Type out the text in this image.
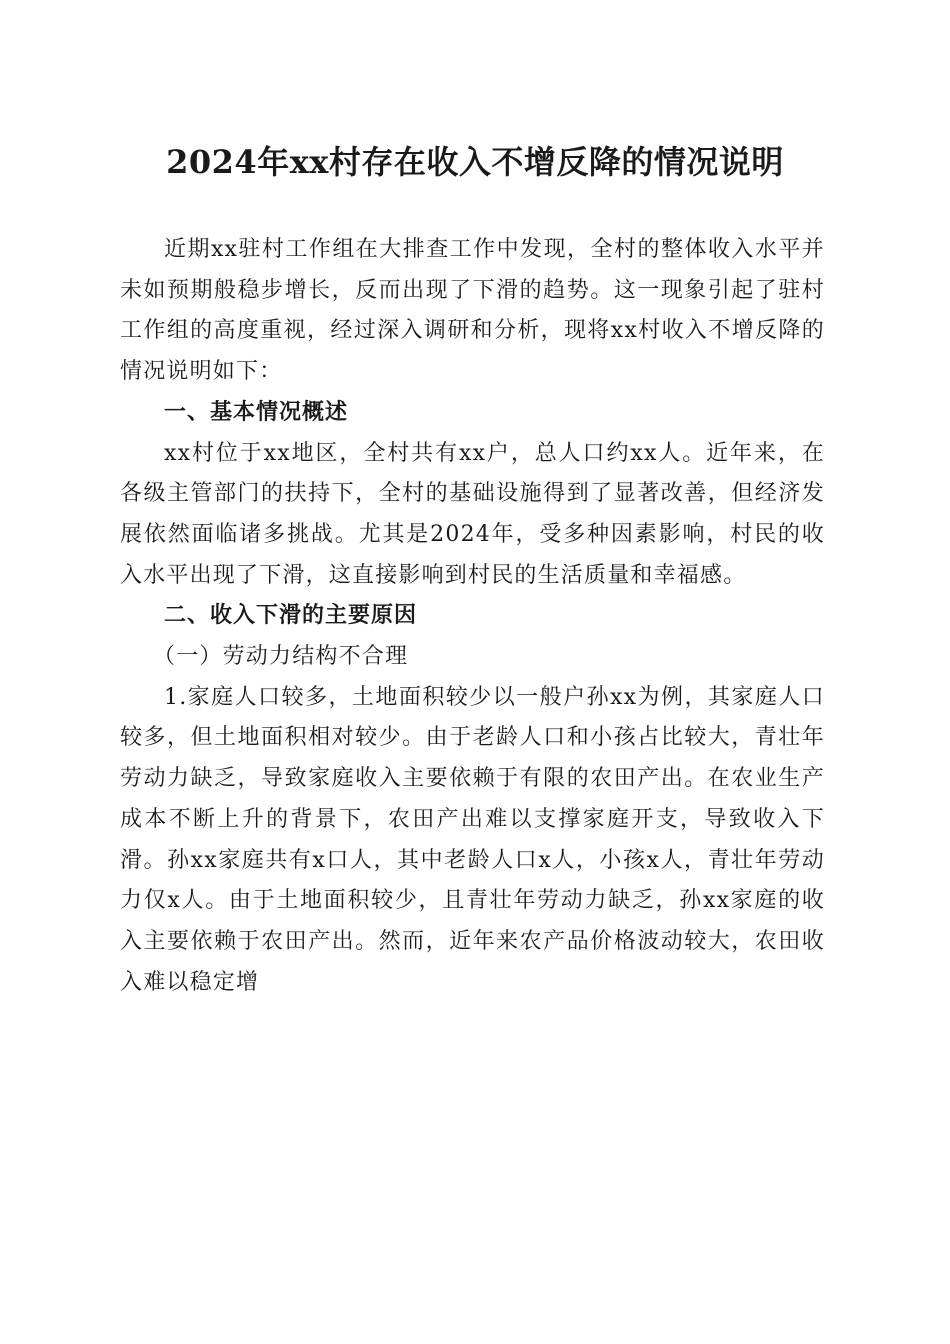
2024年xx村存在收入不增反降的情况说明

近期xx驻村工作组在大排查工作中发现，全村的整体收入水平并未如预期般稳步增长，反而出现了下滑的趋势。这一现象引起了驻村工作组的高度重视，经过深入调研和分析，现将xx村收入不增反降的情况说明如下：

一、基本情况概述

xx村位于xx地区，全村共有xx户，总人口约xx人。近年来，在各级主管部门的扶持下，全村的基础设施得到了显著改善，但经济发展依然面临诸多挑战。尤其是2024年，受多种因素影响，村民的收入水平出现了下滑，这直接影响到村民的生活质量和幸福感。

二、收入下滑的主要原因

（一）劳动力结构不合理

1.家庭人口较多，土地面积较少以一般户孙xx为例，其家庭人口较多，但土地面积相对较少。由于老龄人口和小孩占比较大，青壮年劳动力缺乏，导致家庭收入主要依赖于有限的农田产出。在农业生产成本不断上升的背景下，农田产出难以支撑家庭开支，导致收入下滑。孙xx家庭共有x口人，其中老龄人口x人，小孩x人，青壮年劳动力仅x人。由于土地面积较少，且青壮年劳动力缺乏，孙xx家庭的收入主要依赖于农田产出。然而，近年来农产品价格波动较大，农田收入难以稳定增
